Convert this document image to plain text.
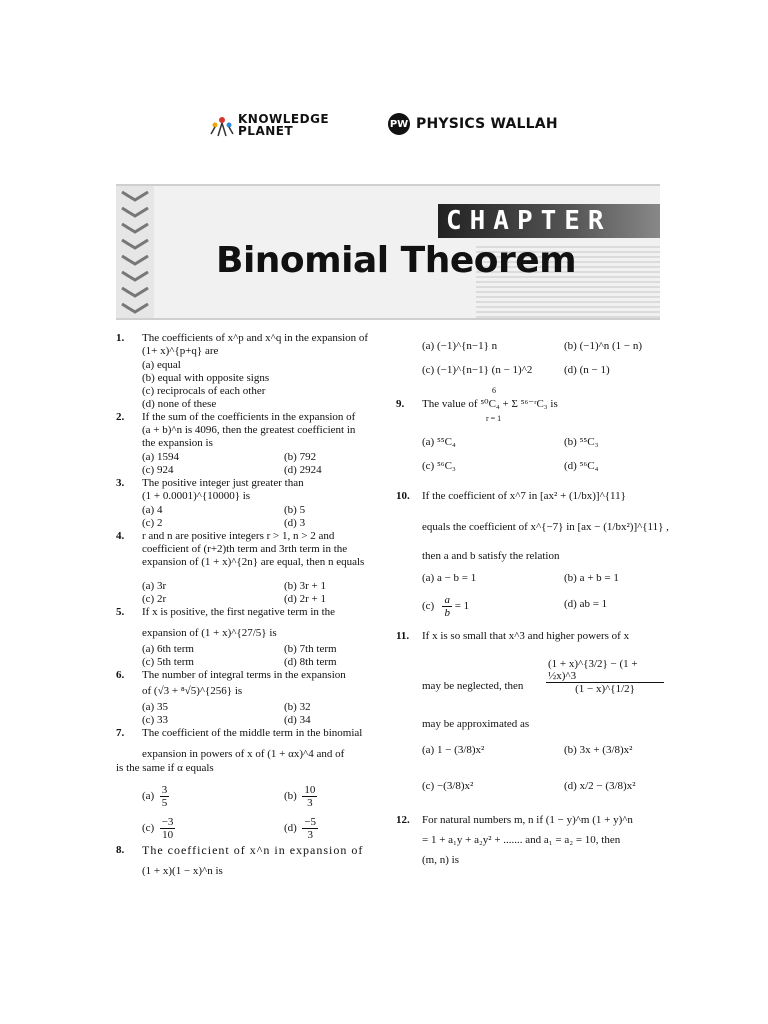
KNOWLEDGE
PLANET	PW PHYSICS WALLAH
CHAPTER
Binomial Theorem
1. The coefficients of x^p and x^q in the expansion of
(1+ x)^{p+q} are
(a) equal
(b) equal with opposite signs
(c) reciprocals of each other
(d) none of these
2. If the sum of the coefficients in the expansion of
(a + b)^n is 4096, then the greatest coefficient in
the expansion is
(a) 1594	(b) 792
(c) 924	(d) 2924
3. The positive integer just greater than
(1 + 0.0001)^{10000} is
(a) 4	(b) 5
(c) 2	(d) 3
4. r and n are positive integers r > 1, n > 2 and
coefficient of (r+2)th term and 3rth term in the
expansion of (1 + x)^{2n} are equal, then n equals
(a) 3r	(b) 3r + 1
(c) 2r	(d) 2r + 1
5. If x is positive, the first negative term in the
expansion of (1 + x)^{27/5} is
(a) 6th term	(b) 7th term
(c) 5th term	(d) 8th term
6. The number of integral terms in the expansion
of (√3 + ⁸√5)^{256} is
(a) 35	(b) 32
(c) 33	(d) 34
7. The coefficient of the middle term in the binomial
expansion in powers of x of (1 + αx)^4 and of
is the same if α equals
$(a) \frac{3}{5}$	$(b) \frac{10}{3}$
$(c) \frac{-3}{10}$	$(d) \frac{-5}{3}$
8. The coefficient of x^n in expansion of
(1 + x)(1 − x)^n is
(a) (−1)^{n−1} n	(b) (−1)^n (1 − n)
(c) (−1)^{n−1} (n − 1)^2	(d) (n − 1)
9. The value of ⁵⁰C₄ + Σ ⁵⁶⁻ʳC₃ is
6
r = 1
(a) ⁵⁵C₄	(b) ⁵⁵C₃
(c) ⁵⁶C₃	(d) ⁵⁶C₄
10. If the coefficient of x^7 in [ax² + (1/bx)]^{11}
equals the coefficient of x^{−7} in [ax − (1/bx²)]^{11} ,
then a and b satisfy the relation
(a) a − b = 1	(b) a + b = 1
$(c) \frac{a}{b} = 1$	(d) ab = 1
11. If x is so small that x^3 and higher powers of x
may be neglected, then $\frac{\text{(1 + x)\textasciicircum{}\{3/2\} − (1 + ½x)\textasciicircum{}3}}{(1 - x)\^{}\{1/2\}}$
may be approximated as
(a) 1 − (3/8)x²	(b) 3x + (3/8)x²
(c) −(3/8)x²	(d) x/2 − (3/8)x²
12. For natural numbers m, n if (1 − y)^m (1 + y)^n
= 1 + a₁y + a₂y² + ....... and a₁ = a₂ = 10, then
(m, n) is
